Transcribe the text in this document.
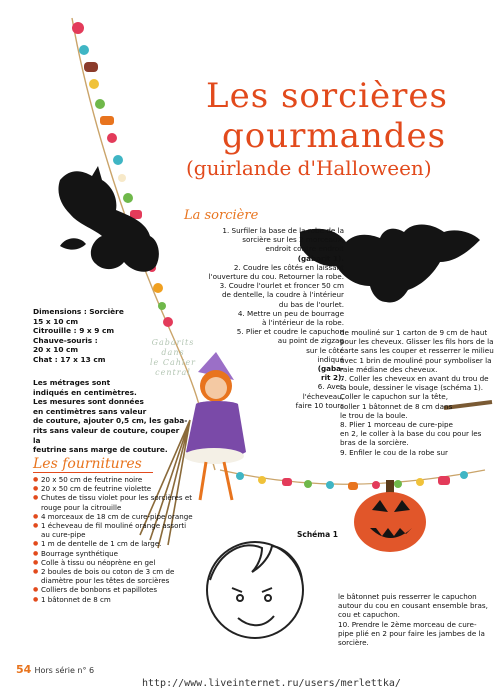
Les sorcières
gourmandes
(guirlande d'Halloween)
La sorcière
1. Surfiler la base de la robe de la
sorcière sur les 2 morceaux,
endroit contre endroit
(gabarit 1).
2. Coudre les côtés en laissant
l'ouverture du cou. Retourner la robe.
3. Coudre l'ourlet et froncer 50 cm
de dentelle, la coudre à l'intérieur
du bas de l'ourlet.
4. Mettre un peu de bourrage
à l'intérieur de la robe.
5. Plier et coudre le capuchon
au point de zigzag
sur le côté
indiqué
(gaba-
rit 2).
6. Avec
l'écheveau,
faire 10 tours
de mouliné sur 1 carton de 9 cm de haut
pour les cheveux. Glisser les fils hors de la
carte sans les couper et resserrer le milieu
avec 1 brin de mouliné pour symboliser la
raie médiane des cheveux.
7. Coller les cheveux en avant du trou de
la boule, dessiner le visage (schéma 1).
Coller le capuchon sur la tête,
coller 1 bâtonnet de 8 cm dans
le trou de la boule.
8. Plier 1 morceau de cure-pipe
en 2, le coller à la base du cou pour les
bras de la sorcière.
9. Enfiler le cou de la robe sur
le bâtonnet puis resserrer le capuchon
autour du cou en cousant ensemble bras,
cou et capuchon.
10. Prendre le 2ème morceau de cure-
pipe plié en 2 pour faire les jambes de la
sorcière.
Dimensions : Sorcière
15 x 10 cm
Citrouille : 9 x 9 cm
Chauve-souris :
20 x 10 cm
Chat : 17 x 13 cm
Les métrages sont
indiqués en centimètres.
Les mesures sont données
en centimètres sans valeur
de couture, ajouter 0,5 cm, les gaba-
rits sans valeur de couture, couper la
feutrine sans marge de couture.
Gabarits
dans
le Cahier
central
Les fournitures
● 20 x 50 cm de feutrine noire
● 20 x 50 cm de feutrine violette
● Chutes de tissu violet pour les sorcières et rouge pour la citrouille
● 4 morceaux de 18 cm de cure-pipe orange
● 1 écheveau de fil mouliné orange assorti au cure-pipe
● 1 m de dentelle de 1 cm de large.
● Bourrage synthétique
● Colle à tissu ou néoprène en gel
● 2 boules de bois ou coton de 3 cm de diamètre pour les têtes de sorcières
● Colliers de bonbons et papillotes
● 1 bâtonnet de 8 cm
Schéma 1
54 Hors série n° 6
http://www.liveinternet.ru/users/merlettka/
